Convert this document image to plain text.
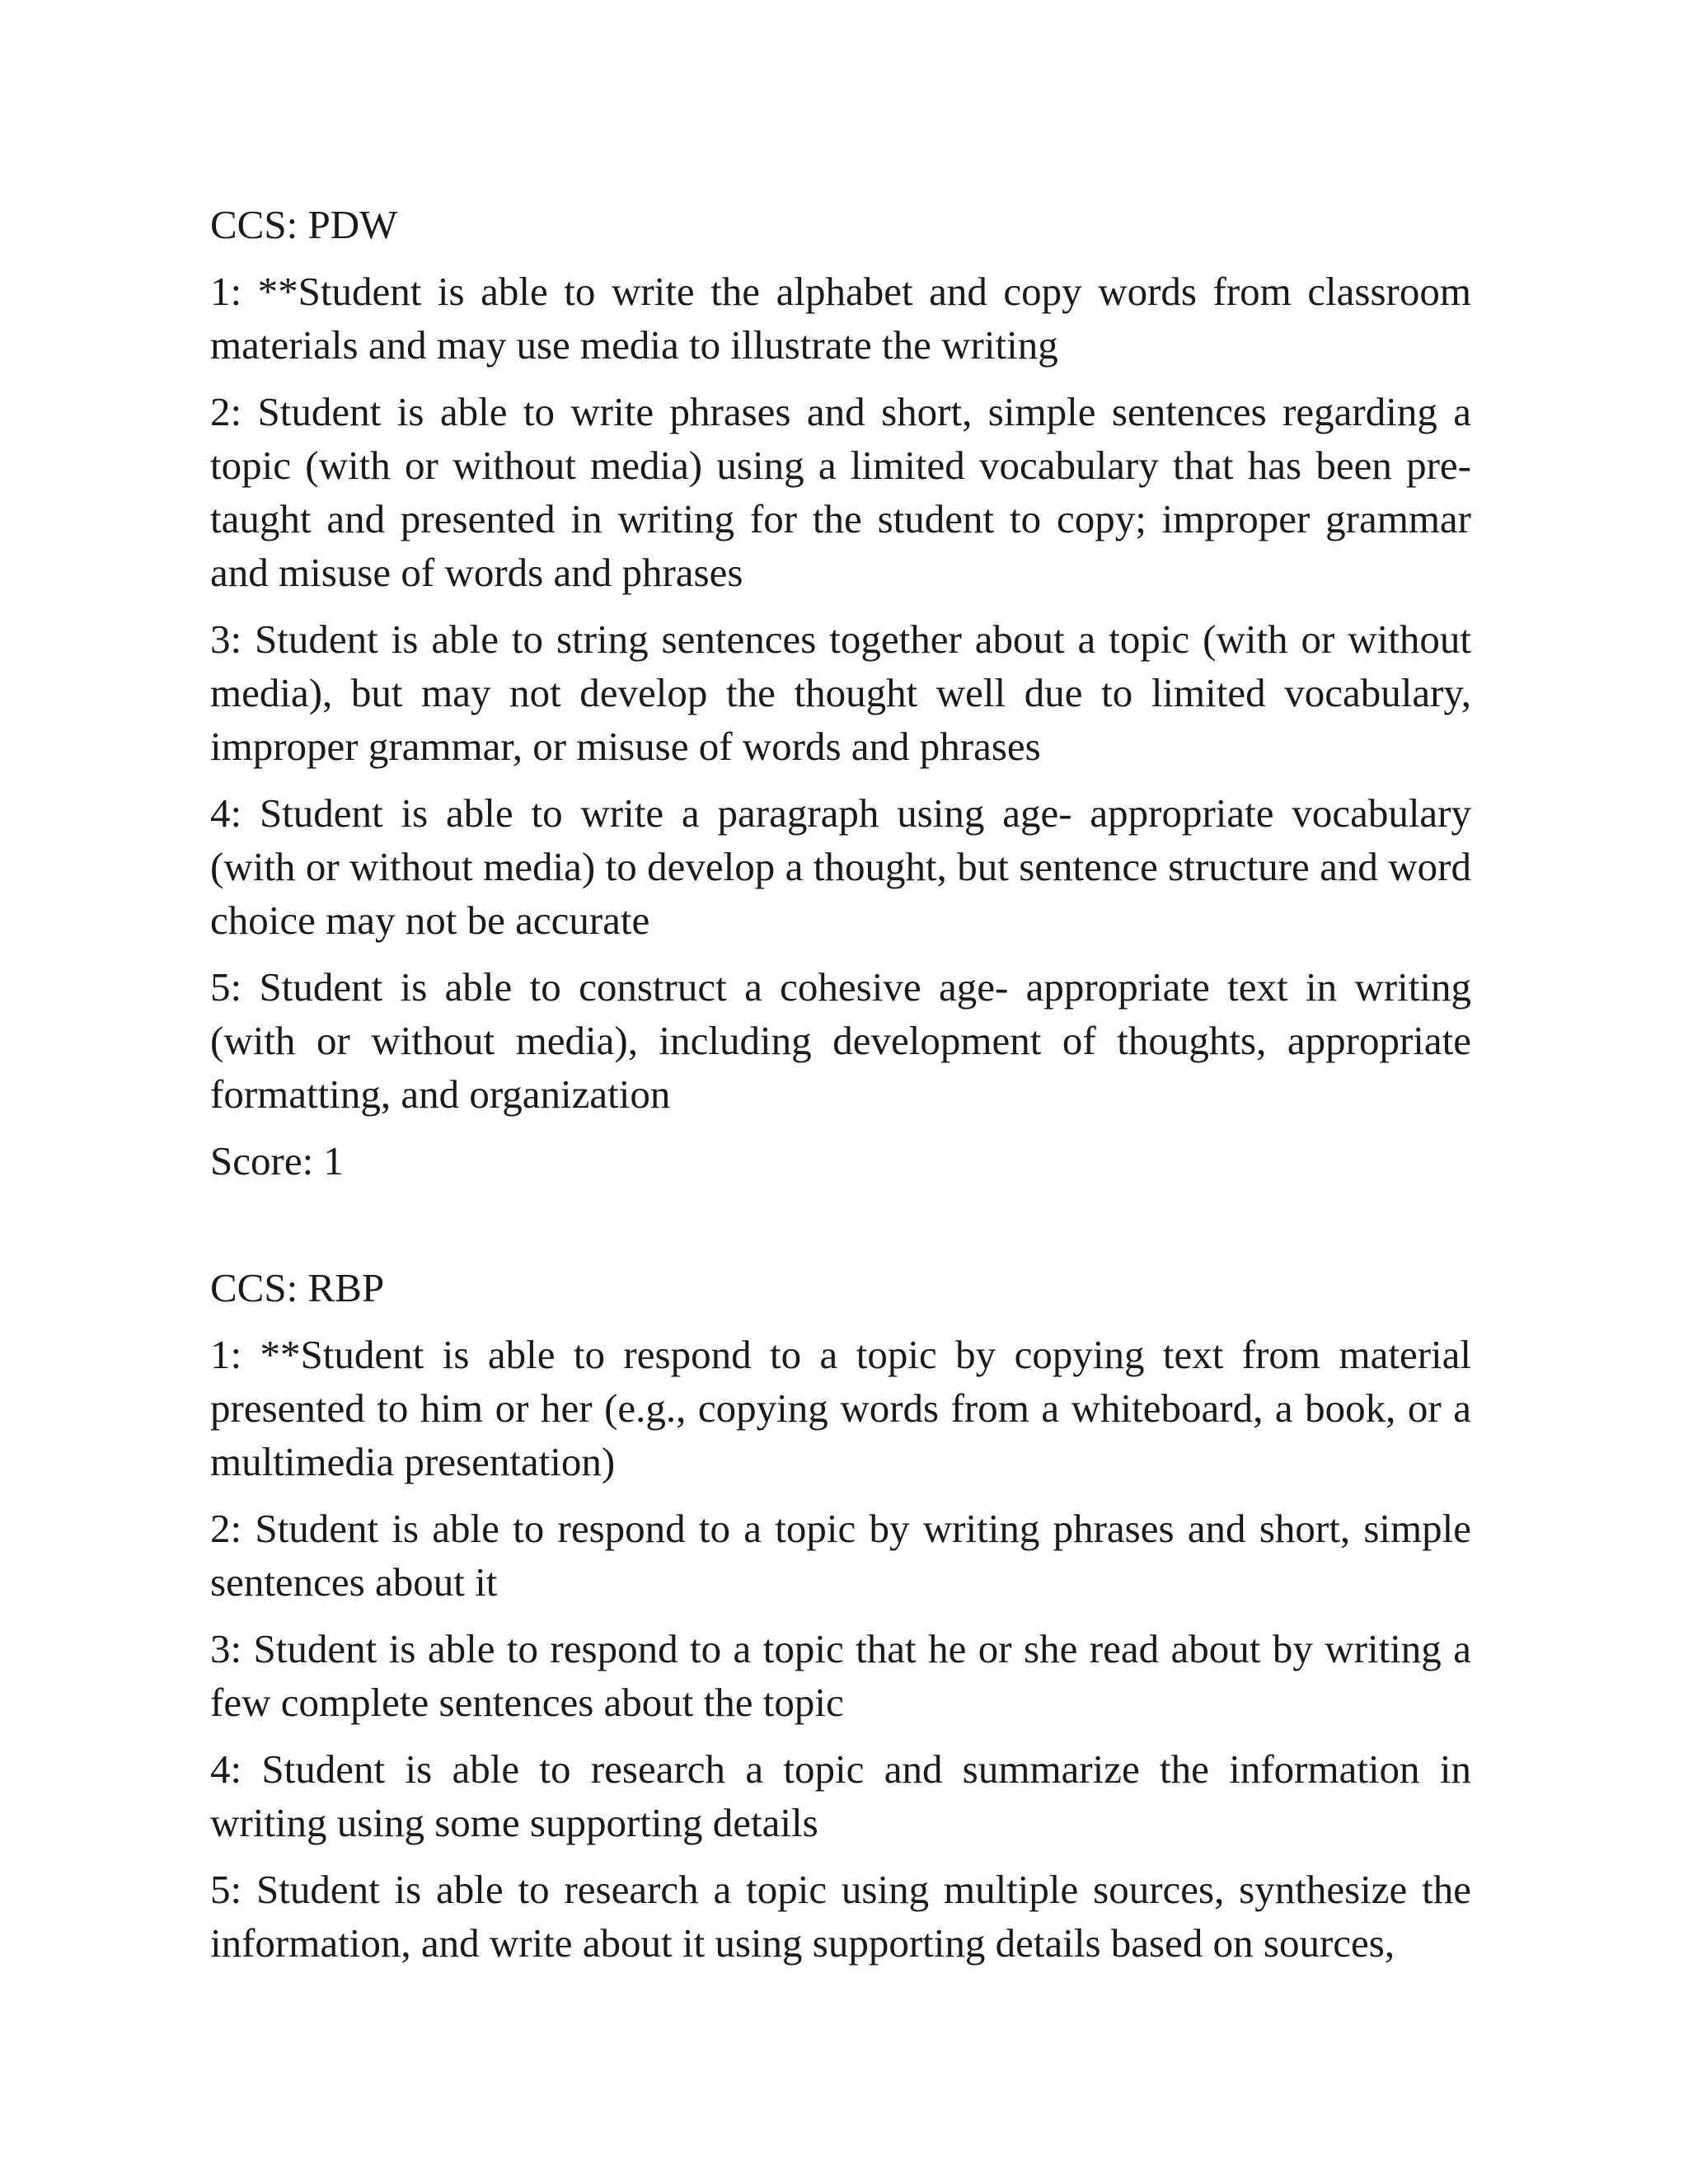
CCS: PDW

1: **Student is able to write the alphabet and copy words from classroom materials and may use media to illustrate the writing

2: Student is able to write phrases and short, simple sentences regarding a topic (with or without media) using a limited vocabulary that has been pre-taught and presented in writing for the student to copy; improper grammar and misuse of words and phrases

3: Student is able to string sentences together about a topic (with or without media), but may not develop the thought well due to limited vocabulary, improper grammar, or misuse of words and phrases

4: Student is able to write a paragraph using age- appropriate vocabulary (with or without media) to develop a thought, but sentence structure and word choice may not be accurate

5: Student is able to construct a cohesive age- appropriate text in writing (with or without media), including development of thoughts, appropriate formatting, and organization

Score: 1

CCS: RBP

1: **Student is able to respond to a topic by copying text from material presented to him or her (e.g., copying words from a whiteboard, a book, or a multimedia presentation)

2: Student is able to respond to a topic by writing phrases and short, simple sentences about it

3: Student is able to respond to a topic that he or she read about by writing a few complete sentences about the topic

4: Student is able to research a topic and summarize the information in writing using some supporting details

5: Student is able to research a topic using multiple sources, synthesize the information, and write about it using supporting details based on sources,
